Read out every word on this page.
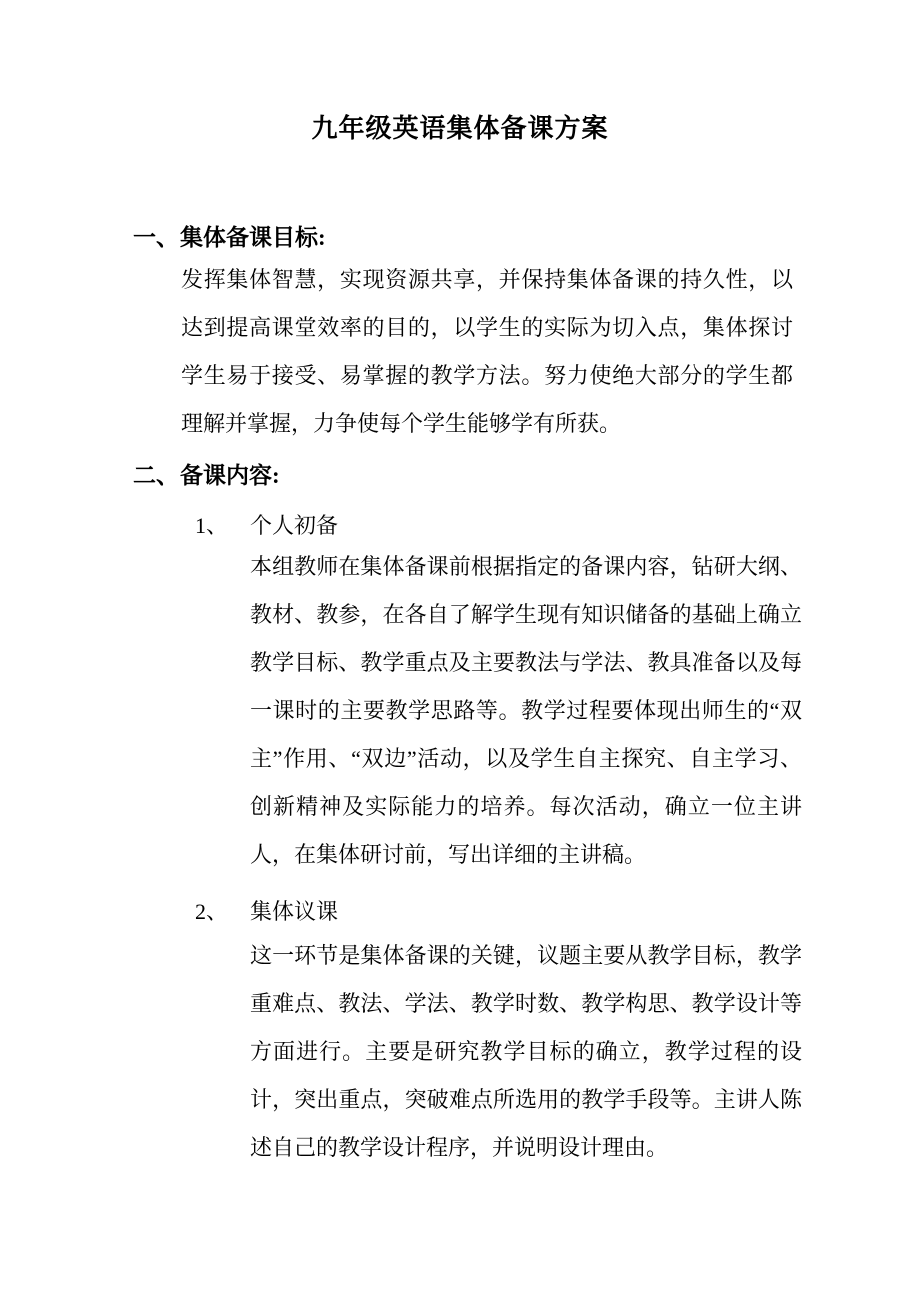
九年级英语集体备课方案
一、集体备课目标:

发挥集体智慧，实现资源共享，并保持集体备课的持久性，以达到提高课堂效率的目的，以学生的实际为切入点，集体探讨学生易于接受、易掌握的教学方法。努力使绝大部分的学生都理解并掌握，力争使每个学生能够学有所获。

二、备课内容:
1、 个人初备

本组教师在集体备课前根据指定的备课内容，钻研大纲、教材、教参，在各自了解学生现有知识储备的基础上确立教学目标、教学重点及主要教法与学法、教具准备以及每一课时的主要教学思路等。教学过程要体现出师生的“双主”作用、“双边”活动，以及学生自主探究、自主学习、创新精神及实际能力的培养。每次活动，确立一位主讲人，在集体研讨前，写出详细的主讲稿。

2、 集体议课

这一环节是集体备课的关键，议题主要从教学目标，教学重难点、教法、学法、教学时数、教学构思、教学设计等方面进行。主要是研究教学目标的确立，教学过程的设计，突出重点，突破难点所选用的教学手段等。主讲人陈述自己的教学设计程序，并说明设计理由。
